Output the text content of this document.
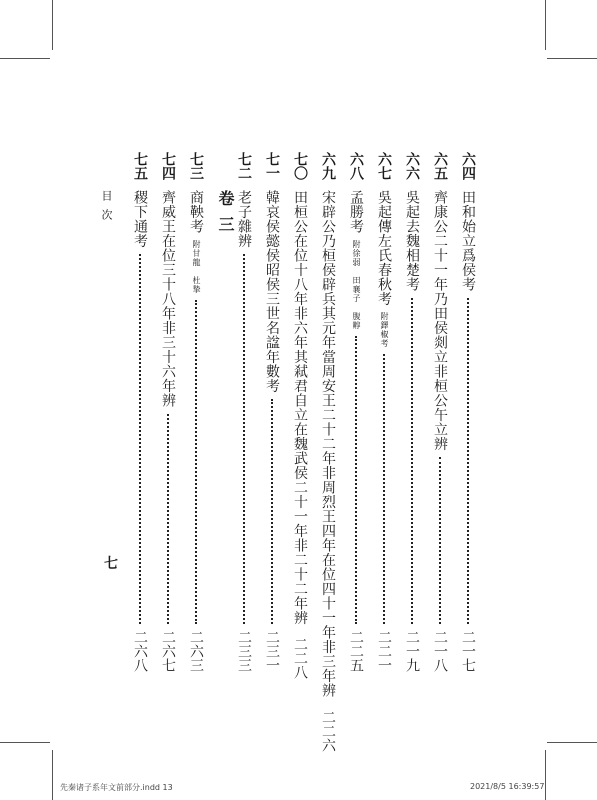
六四
田和始立爲侯考
二一七
六五
齊康公二十一年乃田侯剡立非桓公午立辨
二一八
六六
吳起去魏相楚考
二一九
六七
吳起傳左氏春秋考
附鐸椒考
二二一
六八
孟勝考
附徐弱　田襄子　腹䵍
二二五
六九
宋辟公乃桓侯辟兵其元年當周安王二十二年非周烈王四年在位四十一年非三年辨
二二六
七〇
田桓公在位十八年非六年其弒君自立在魏武侯二十一年非二十二年辨
二二八
七一
韓哀侯懿侯昭侯三世名諡年數考
二三一
七二
老子雜辨
二三三
卷三
七三
商鞅考
附甘龍　杜摯
二六三
七四
齊威王在位三十八年非三十六年辨
二六七
七五
稷下通考
二六八
目次
七
先秦诸子系年文前部分.indd 13	2021/8/5 16:39:57
